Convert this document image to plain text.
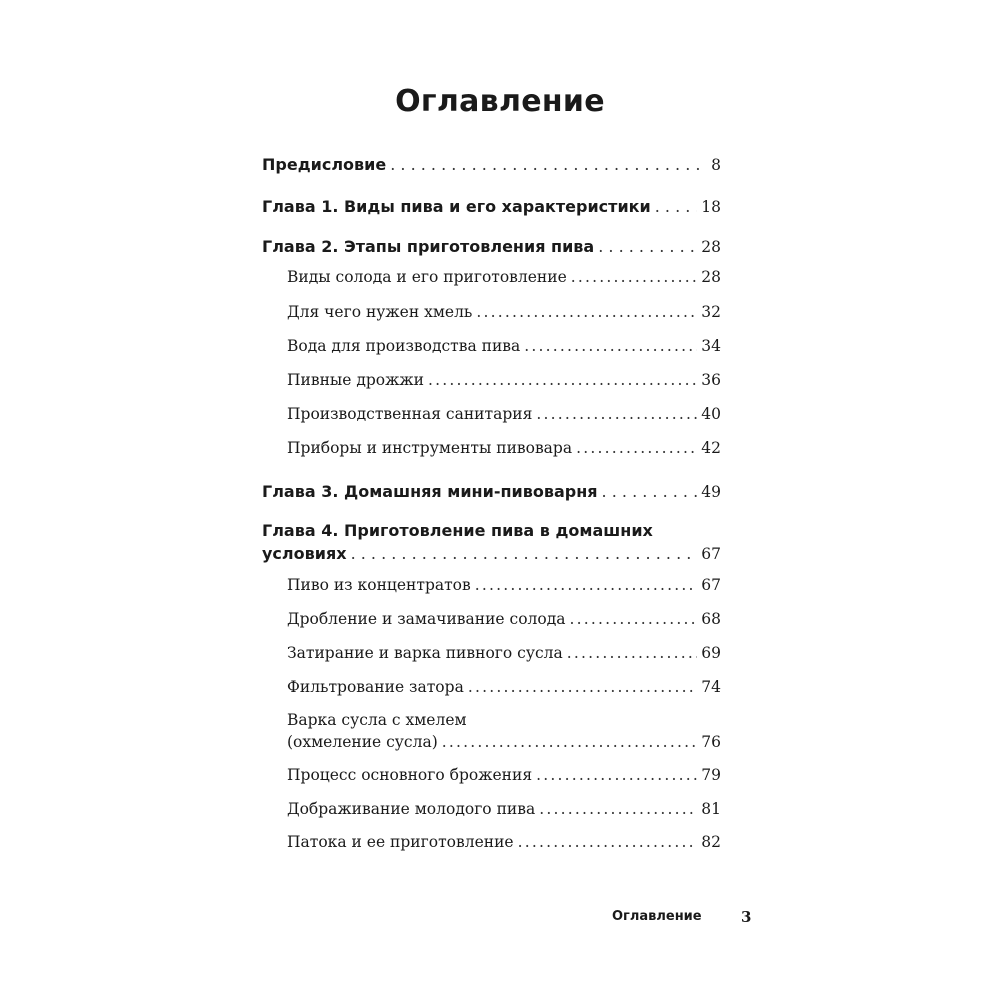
Оглавление
Предисловие . . .	8
Глава 1. Виды пива и его характеристики . . .	18
Глава 2. Этапы приготовления пива . . .	28
Виды солода и его приготовление .....	28
Для чего нужен хмель .....	32
Вода для производства пива .....	34
Пивные дрожжи .....	36
Производственная санитария .....	40
Приборы и инструменты пивовара .....	42
Глава 3. Домашняя мини-пивоварня . . .	49
Глава 4. Приготовление пива в домашних
условиях . . .	67
Пиво из концентратов .....	67
Дробление и замачивание солода .....	68
Затирание и варка пивного сусла .....	69
Фильтрование затора .....	74
Варка сусла с хмелем
(охмеление сусла) .....	76
Процесс основного брожения .....	79
Дображивание молодого пива .....	81
Патока и ее приготовление .....	82
Оглавление	3
